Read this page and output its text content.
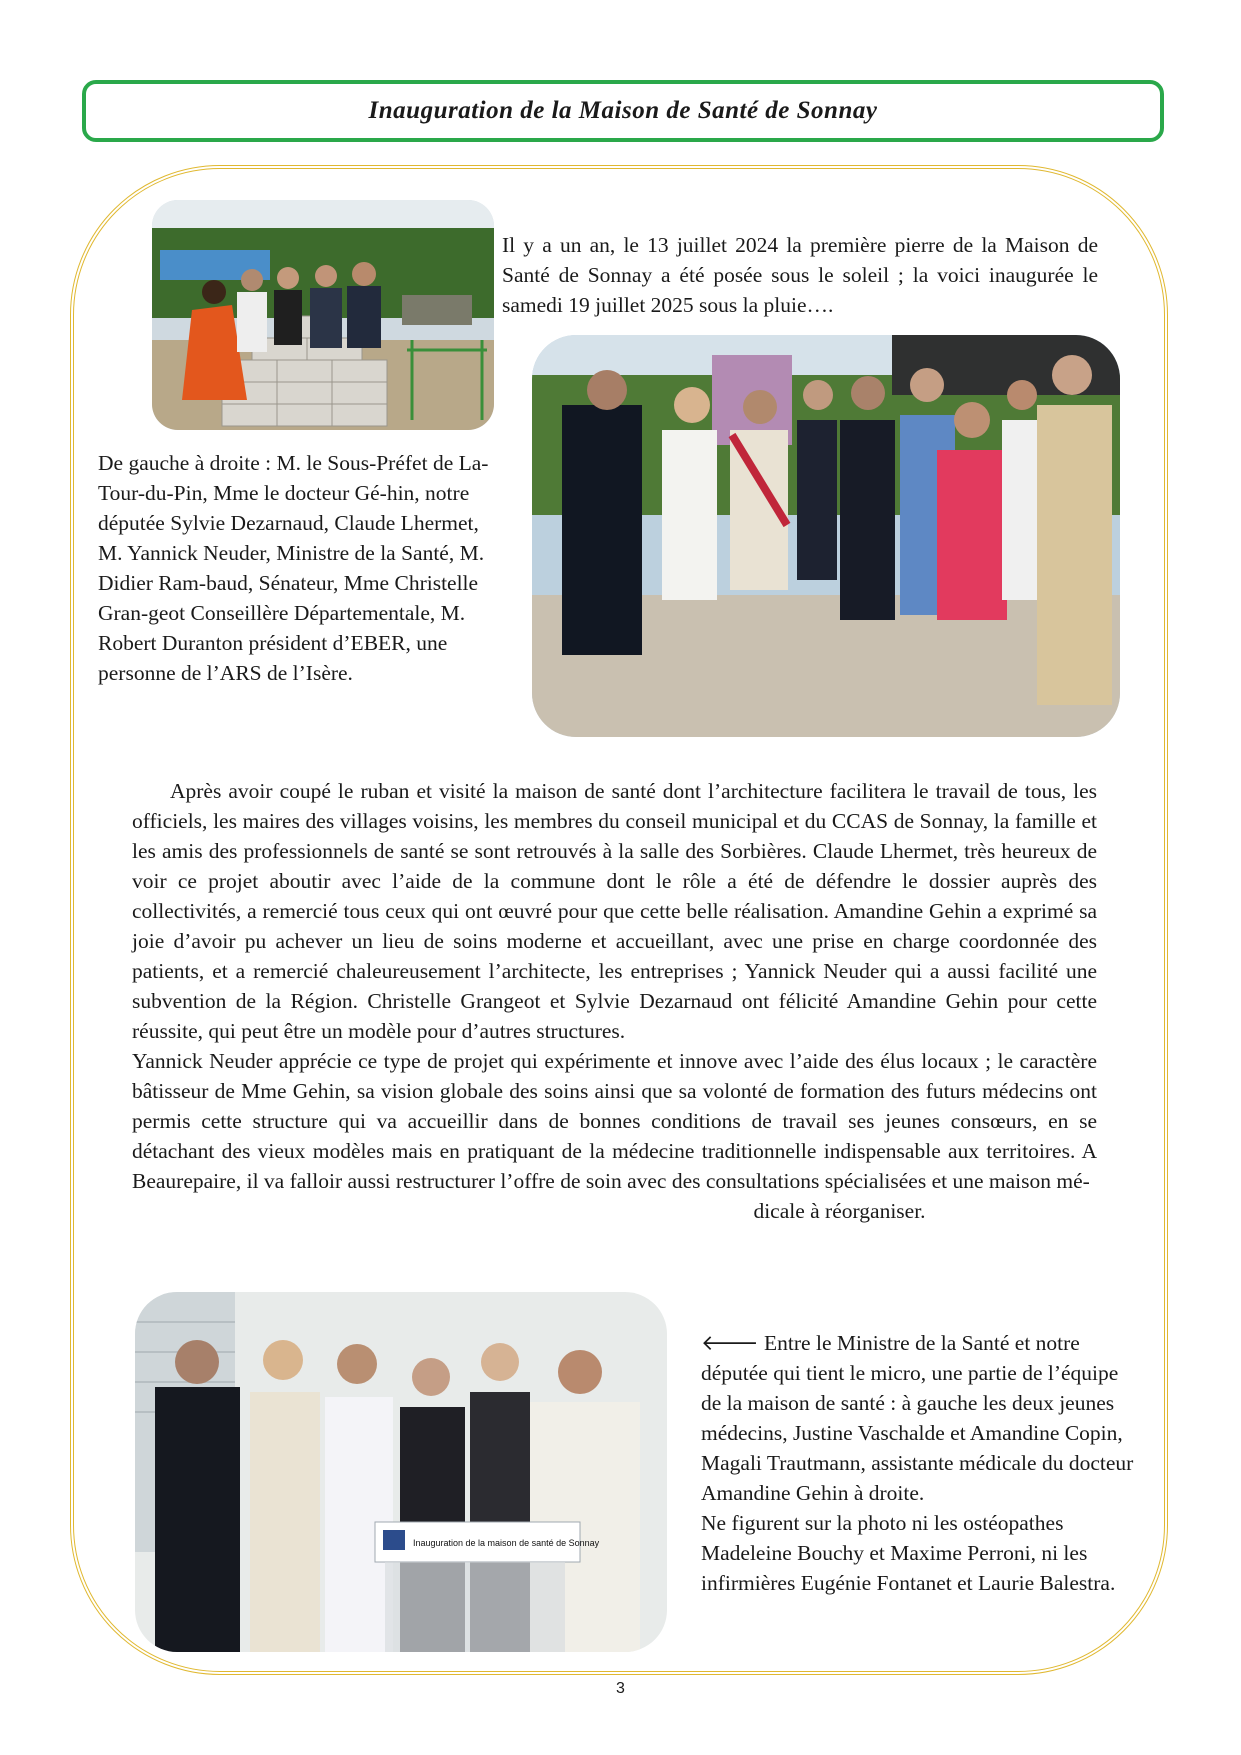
Inauguration de la Maison de Santé de Sonnay

Il y a un an, le 13 juillet 2024 la première pierre de la Maison de Santé de Sonnay a été posée sous le soleil ; la voici inaugurée le samedi 19 juillet 2025 sous la pluie….

De gauche à droite : M. le Sous-Préfet de La-Tour-du-Pin, Mme le docteur Gé-hin, notre députée Sylvie Dezarnaud, Claude Lhermet, M. Yannick Neuder, Ministre de la Santé, M. Didier Ram-baud, Sénateur, Mme Christelle Gran-geot Conseillère Départementale, M. Robert Duranton président d’EBER, une personne de l’ARS de l’Isère.

Après avoir coupé le ruban et visité la maison de santé dont l’architecture facilitera le travail de tous, les officiels, les maires des villages voisins, les membres du conseil municipal et du CCAS de Sonnay, la famille et les amis des professionnels de santé se sont retrouvés à la salle des Sorbières. Claude Lhermet, très heureux de voir ce projet aboutir avec l’aide de la commune dont le rôle a été de défendre le dossier auprès des collectivités, a remercié tous ceux qui ont œuvré pour que cette belle réalisation. Amandine Gehin a exprimé sa joie d’avoir pu achever un lieu de soins moderne et accueillant, avec une prise en charge coordonnée des patients, et a remercié chaleureusement l’architecte, les entreprises ; Yannick Neuder qui a aussi facilité une subvention de la Région. Christelle Grangeot et Sylvie Dezarnaud ont félicité Amandine Gehin pour cette réussite, qui peut être un modèle pour d’autres structures.

Yannick Neuder apprécie ce type de projet qui expérimente et innove avec l’aide des élus locaux ; le caractère bâtisseur de Mme Gehin, sa vision globale des soins ainsi que sa volonté de formation des futurs médecins ont permis cette structure qui va accueillir dans de bonnes conditions de travail ses jeunes consœurs, en se détachant des vieux modèles mais en pratiquant de la médecine traditionnelle indispensable aux territoires. A Beaurepaire, il va falloir aussi restructurer l’offre de soin avec des consultations spécialisées et une maison mé-

dicale à réorganiser.
Inauguration de la maison de santé de Sonnay

🡐 Entre le Ministre de la Santé et notre députée qui tient le micro, une partie de l’équipe de la maison de santé : à gauche les deux jeunes médecins, Justine Vaschalde et Amandine Copin, Magali Trautmann, assistante médicale du docteur Amandine Gehin à droite.

Ne figurent sur la photo ni les ostéopathes Madeleine Bouchy et Maxime Perroni, ni les infirmières Eugénie Fontanet et Laurie Balestra.

3
